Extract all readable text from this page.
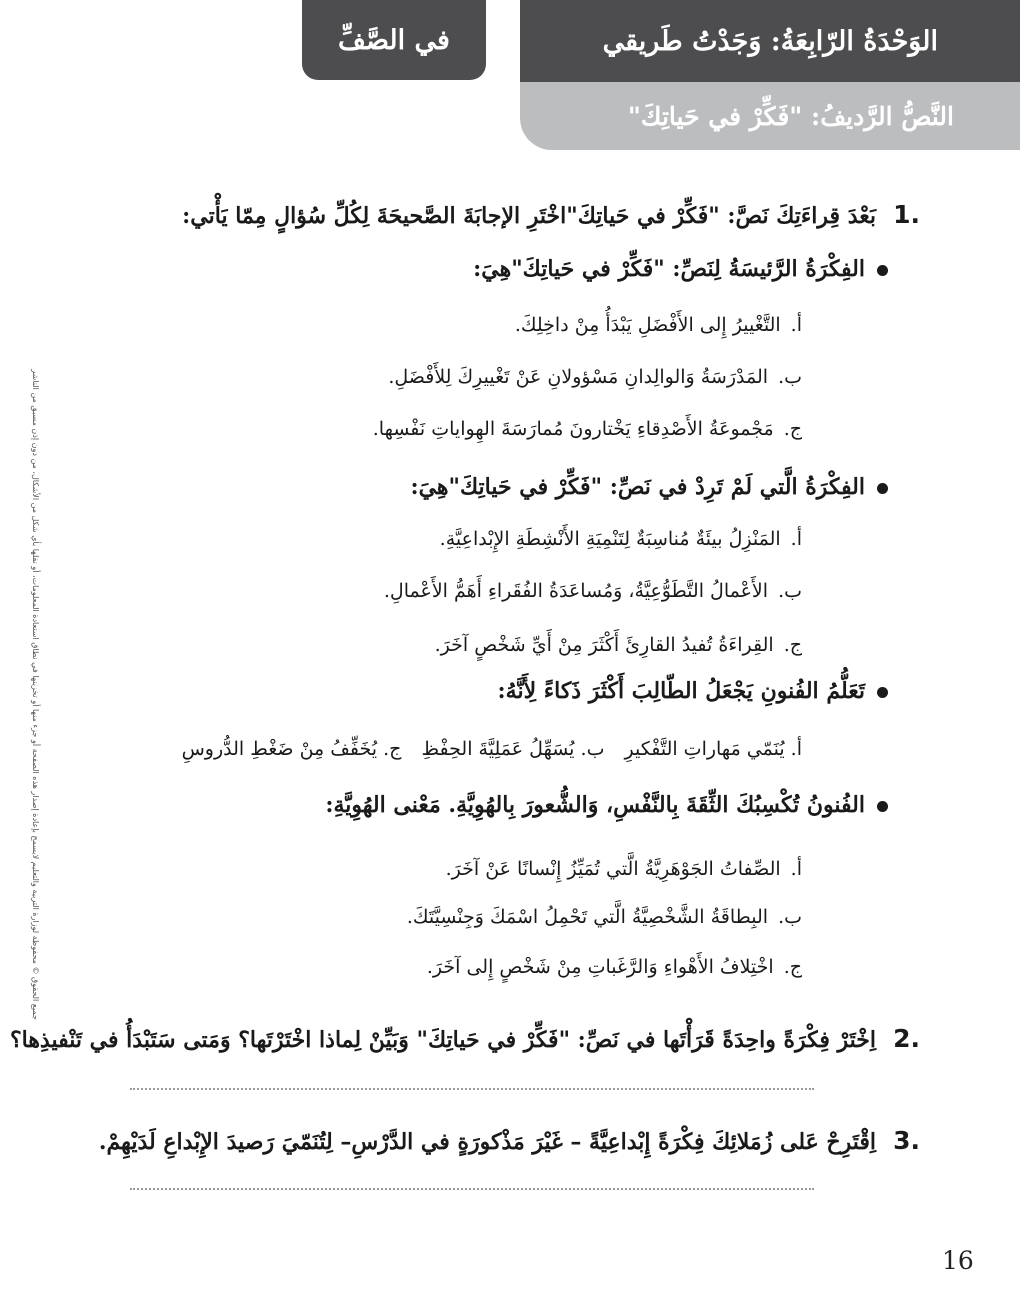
في الصَّفِّ	الوَحْدَةُ الرّابِعَةُ: وَجَدْتُ طَريقي
النَّصُّ الرَّديفُ: "فَكِّرْ في حَياتِكَ"
جميع الحقوق © محفوظة لوزارة التربية والتعليم لايسمح بإعادة إصدار هذه الصفحة أو جزء منها أو تخزينها في نطاق استعادة المعلومات، أو نقلها بأي شكل من الأشكال، من دون إذن مسبق من الناشر
1.بَعْدَ قِراءَتِكَ نَصَّ: "فَكِّرْ في حَياتِكَ"اخْتَرِ الإجابَةَ الصَّحيحَةَ لِكُلِّ سُؤالٍ مِمّا يَأْتي:
الفِكْرَةُ الرَّئيسَةُ لِنَصِّ: "فَكِّرْ في حَياتِكَ"هِيَ:
أ.التَّغْييرُ إِلى الأَفْضَلِ يَبْدَأُ مِنْ داخِلِكَ.
ب.المَدْرَسَةُ وَالوالِدانِ مَسْؤولانِ عَنْ تَغْييرِكَ لِلأَفْضَلِ.
ج.مَجْموعَةُ الأَصْدِقاءِ يَخْتارونَ مُمارَسَةَ الهِواياتِ نَفْسِها.
الفِكْرَةُ الَّتي لَمْ تَرِدْ في نَصِّ: "فَكِّرْ في حَياتِكَ"هِيَ:
أ.المَنْزِلُ بيئَةٌ مُناسِبَةٌ لِتَنْمِيَةِ الأَنْشِطَةِ الإِبْداعِيَّةِ.
ب.الأَعْمالُ التَّطَوُّعِيَّةُ، وَمُساعَدَةُ الفُقَراءِ أَهَمُّ الأَعْمالِ.
ج.القِراءَةُ تُفيدُ القارِئَ أَكْثَرَ مِنْ أَيِّ شَخْصٍ آخَرَ.
تَعَلُّمُ الفُنونِ يَجْعَلُ الطّالِبَ أَكْثَرَ ذَكاءً لِأَنَّهُ:
أ. يُنَمّي مَهاراتِ التَّفْكيرِ ب. يُسَهِّلُ عَمَلِيَّةَ الحِفْظِ ج. يُخَفِّفُ مِنْ ضَغْطِ الدُّروسِ
الفُنونُ تُكْسِبُكَ الثِّقَةَ بِالنَّفْسِ، وَالشُّعورَ بِالهُوِيَّةِ. مَعْنى الهُوِيَّةِ:
أ.الصِّفاتُ الجَوْهَرِيَّةُ الَّتي تُمَيِّزُ إِنْسانًا عَنْ آخَرَ.
ب.البِطاقَةُ الشَّخْصِيَّةُ الَّتي تَحْمِلُ اسْمَكَ وَجِنْسِيَّتَكَ.
ج.اخْتِلافُ الأَهْواءِ وَالرَّغَباتِ مِنْ شَخْصٍ إِلى آخَرَ.
2.اِخْتَرْ فِكْرَةً واحِدَةً قَرَأْتَها في نَصِّ: "فَكِّرْ في حَياتِكَ" وَبَيِّنْ لِماذا اخْتَرْتَها؟ وَمَتى سَتَبْدَأُ في تَنْفيذِها؟
3.اِقْتَرِحْ عَلى زُمَلائِكَ فِكْرَةً إِبْداعِيَّةً – غَيْرَ مَذْكورَةٍ في الدَّرْسِ– لِتُنَمّيَ رَصيدَ الإِبْداعِ لَدَيْهِمْ.
16
